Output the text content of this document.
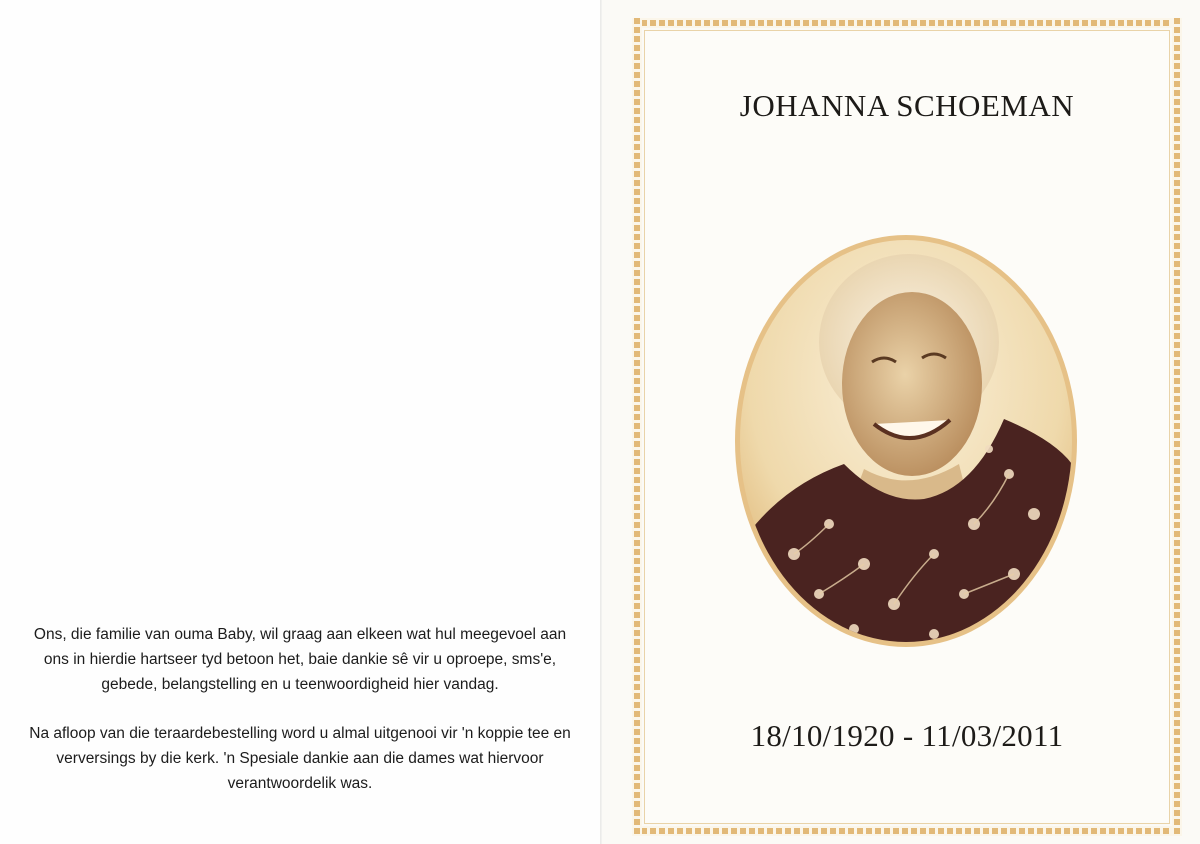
Ons, die familie van ouma Baby, wil graag aan elkeen wat hul meegevoel aan ons in hierdie hartseer tyd betoon het, baie dankie sê vir u oproepe, sms'e, gebede, belangstelling en u teenwoordigheid hier vandag.

Na afloop van die teraardebestelling word u almal uitgenooi vir 'n koppie tee en verversings by die kerk. 'n Spesiale dankie aan die dames wat hiervoor verantwoordelik was.

JOHANNA SCHOEMAN
18/10/1920 - 11/03/2011
